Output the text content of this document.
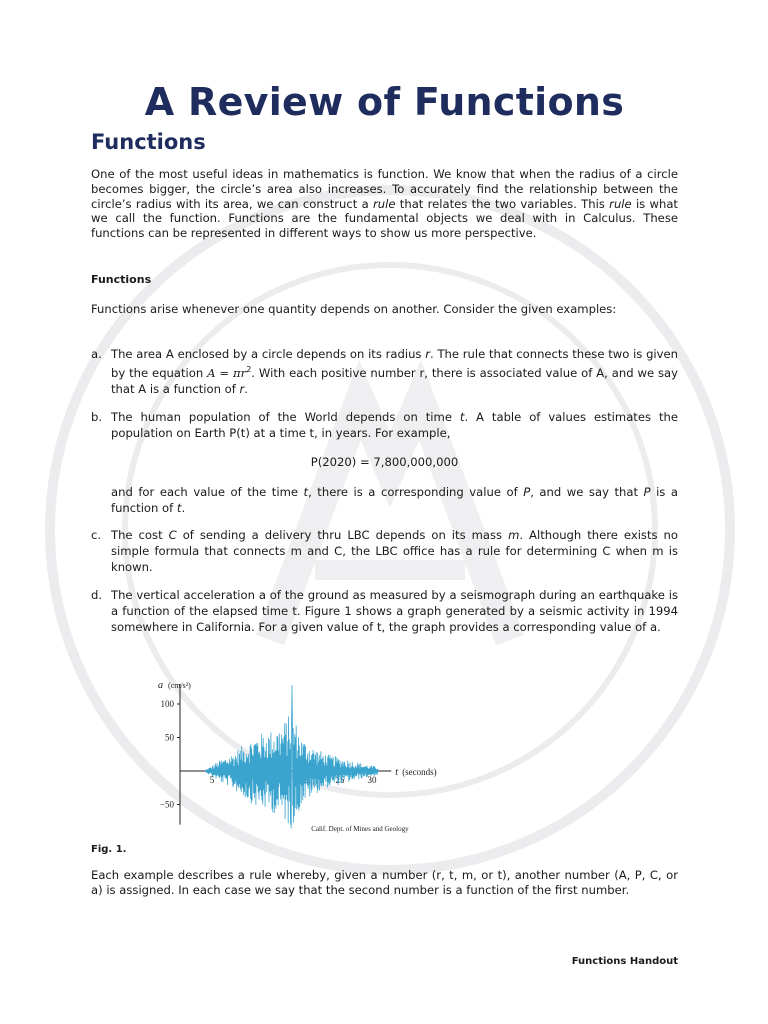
A Review of Functions
Functions
One of the most useful ideas in mathematics is function. We know that when the radius of a circle becomes bigger, the circle’s area also increases. To accurately find the relationship between the circle’s radius with its area, we can construct a rule that relates the two variables. This rule is what we call the function. Functions are the fundamental objects we deal with in Calculus. These functions can be represented in different ways to show us more perspective.
Functions
Functions arise whenever one quantity depends on another. Consider the given examples:
a. The area A enclosed by a circle depends on its radius r. The rule that connects these two is given by the equation $A = \pi r^2$. With each positive number r, there is associated value of A, and we say that A is a function of r.
b. The human population of the World depends on time t. A table of values estimates the population on Earth P(t) at a time t, in years. For example,
P(2020) = 7,800,000,000
and for each value of the time t, there is a corresponding value of P, and we say that P is a function of t.
c. The cost C of sending a delivery thru LBC depends on its mass m. Although there exists no simple formula that connects m and C, the LBC office has a rule for determining C when m is known.
d. The vertical acceleration a of the ground as measured by a seismograph during an earthquake is a function of the elapsed time t. Figure 1 shows a graph generated by a seismic activity in 1994 somewhere in California. For a given value of t, the graph provides a corresponding value of a.
a (cm/s²)
t (seconds)
100
50
−50
5	10	15	20	25	30
Calif. Dept. of Mines and Geology
Fig. 1.
Each example describes a rule whereby, given a number (r, t, m, or t), another number (A, P, C, or a) is assigned. In each case we say that the second number is a function of the first number.
Functions Handout
